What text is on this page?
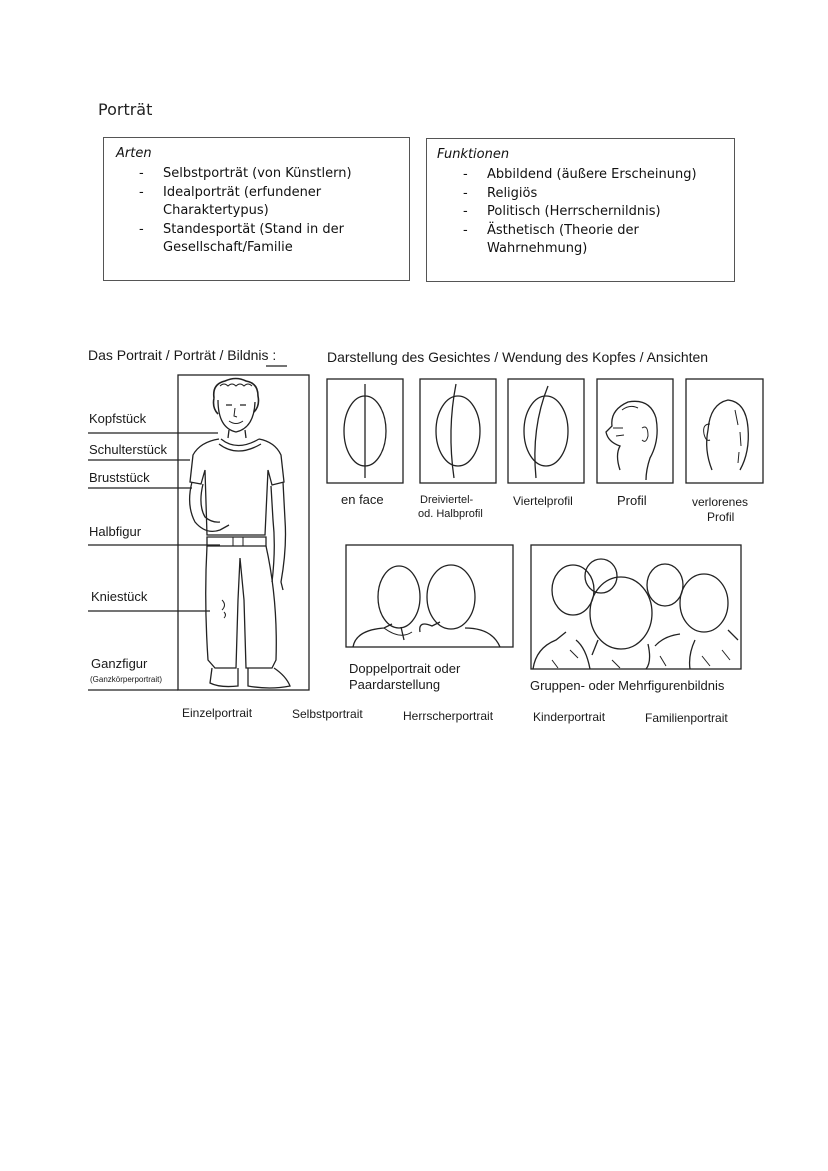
Porträt
Arten
- Selbstporträt (von Künstlern)
- Idealporträt (erfundener Charaktertypus)
- Standesportät (Stand in der Gesellschaft/Familie
Funktionen
- Abbildend (äußere Erscheinung)
- Religiös
- Politisch (Herrschernildnis)
- Ästhetisch (Theorie der Wahrnehmung)
Das Portrait / Porträt / Bildnis :	Darstellung des Gesichtes / Wendung des Kopfes / Ansichten
Kopfstück
Schulterstück
Bruststück
Halbfigur
Kniestück
Ganzfigur
(Ganzkörperportrait)
en face	Dreiviertel-
od. Halbprofil
Viertelprofil	Profil	verlorenes
Profil
Doppelportrait oder
Paardarstellung	Gruppen- oder Mehrfigurenbildnis
Einzelportrait	Selbstportrait	Herrscherportrait	Kinderportrait	Familienportrait
